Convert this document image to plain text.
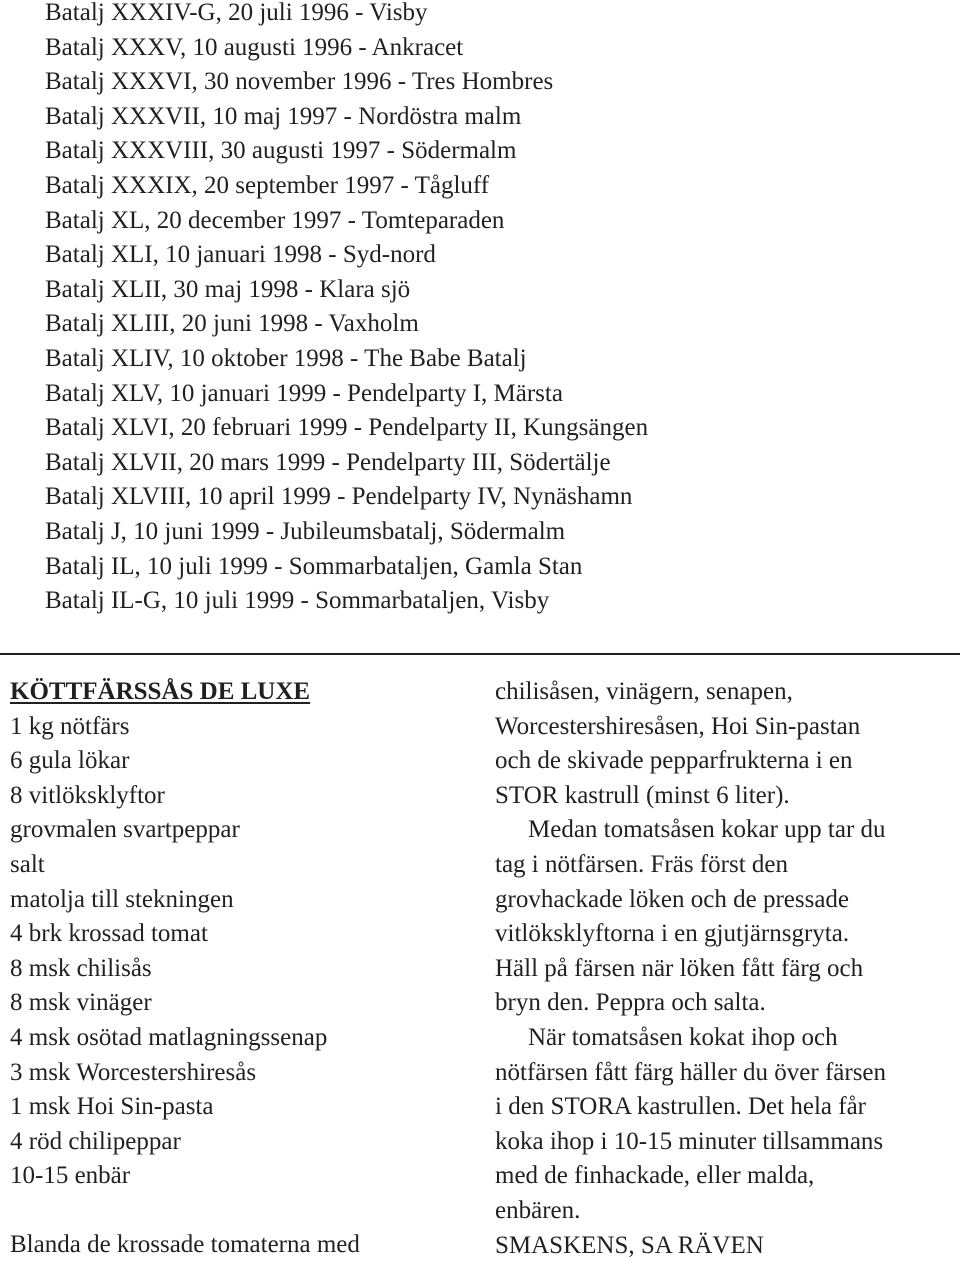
Batalj XXXIV-G, 20 juli 1996 - Visby
Batalj XXXV, 10 augusti 1996 - Ankracet
Batalj XXXVI, 30 november 1996 - Tres Hombres
Batalj XXXVII, 10 maj 1997 - Nordöstra malm
Batalj XXXVIII, 30 augusti 1997 - Södermalm
Batalj XXXIX, 20 september 1997 - Tågluff
Batalj XL, 20 december 1997 - Tomteparaden
Batalj XLI, 10 januari 1998 - Syd-nord
Batalj XLII, 30 maj 1998 - Klara sjö
Batalj XLIII, 20 juni 1998 - Vaxholm
Batalj XLIV, 10 oktober 1998 - The Babe Batalj
Batalj XLV, 10 januari 1999 - Pendelparty I, Märsta
Batalj XLVI, 20 februari 1999 - Pendelparty II, Kungsängen
Batalj XLVII, 20 mars 1999 - Pendelparty III, Södertälje
Batalj XLVIII, 10 april 1999 - Pendelparty IV, Nynäshamn
Batalj J, 10 juni 1999 - Jubileumsbatalj, Södermalm
Batalj IL, 10 juli 1999 - Sommarbataljen, Gamla Stan
Batalj IL-G, 10 juli 1999 - Sommarbataljen, Visby
KÖTTFÄRSSÅS DE LUXE
1 kg nötfärs
6 gula lökar
8 vitlöksklyftor
grovmalen svartpeppar
salt
matolja till stekningen
4 brk krossad tomat
8 msk chilisås
8 msk vinäger
4 msk osötad matlagningssenap
3 msk Worcestershiresås
1 msk Hoi Sin-pasta
4 röd chilipeppar
10-15 enbär
Blanda de krossade tomaterna med
chilisåsen, vinägern, senapen,
Worcestershiresåsen, Hoi Sin-pastan
och de skivade pepparfrukterna i en
STOR kastrull (minst 6 liter).
Medan tomatsåsen kokar upp tar du
tag i nötfärsen. Fräs först den
grovhackade löken och de pressade
vitlöksklyftorna i en gjutjärnsgryta.
Häll på färsen när löken fått färg och
bryn den. Peppra och salta.
När tomatsåsen kokat ihop och
nötfärsen fått färg häller du över färsen
i den STORA kastrullen. Det hela får
koka ihop i 10-15 minuter tillsammans
med de finhackade, eller malda,
enbären.
SMASKENS, SA RÄVEN
